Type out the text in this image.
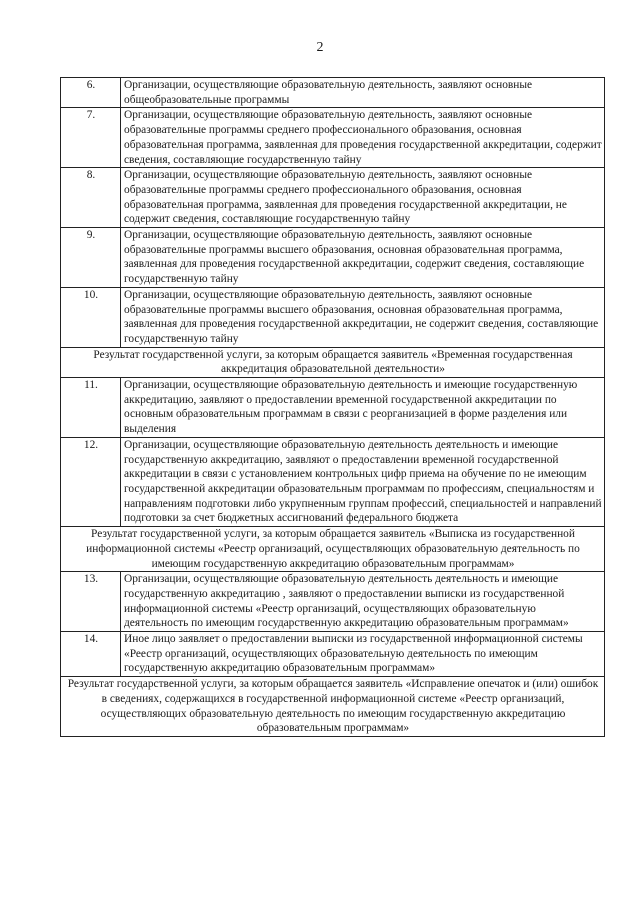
2
6.	Организации, осуществляющие образовательную деятельность, заявляют основные общеобразовательные программы
7.	Организации, осуществляющие образовательную деятельность, заявляют основные образовательные программы среднего профессионального образования, основная образовательная программа, заявленная для проведения государственной аккредитации, содержит сведения, составляющие государственную тайну
8.	Организации, осуществляющие образовательную деятельность, заявляют основные образовательные программы среднего профессионального образования, основная образовательная программа, заявленная для проведения государственной аккредитации, не содержит сведения, составляющие государственную тайну
9.	Организации, осуществляющие образовательную деятельность, заявляют основные образовательные программы высшего образования, основная образовательная программа, заявленная для проведения государственной аккредитации, содержит сведения, составляющие государственную тайну
10.	Организации, осуществляющие образовательную деятельность, заявляют основные образовательные программы высшего образования, основная образовательная программа, заявленная для проведения государственной аккредитации, не содержит сведения, составляющие государственную тайну
Результат государственной услуги, за которым обращается заявитель «Временная государственная аккредитация образовательной деятельности»	
11.	Организации, осуществляющие образовательную деятельность и имеющие государственную аккредитацию, заявляют о предоставлении временной государственной аккредитации по основным образовательным программам в связи с реорганизацией в форме разделения или выделения
12.	Организации, осуществляющие образовательную деятельность деятельность и имеющие государственную аккредитацию, заявляют о предоставлении временной государственной аккредитации в связи с установлением контрольных цифр приема на обучение по не имеющим государственной аккредитации образовательным программам по профессиям, специальностям и направлениям подготовки либо укрупненным группам профессий, специальностей и направлений подготовки за счет бюджетных ассигнований федерального бюджета
Результат государственной услуги, за которым обращается заявитель «Выписка из государственной информационной системы «Реестр организаций, осуществляющих образовательную деятельность по имеющим государственную аккредитацию образовательным программам»	
13.	Организации, осуществляющие образовательную деятельность деятельность и имеющие государственную аккредитацию , заявляют о предоставлении выписки из государственной информационной системы «Реестр организаций, осуществляющих образовательную деятельность по имеющим государственную аккредитацию образовательным программам»
14.	Иное лицо заявляет о предоставлении выписки из государственной информационной системы «Реестр организаций, осуществляющих образовательную деятельность по имеющим государственную аккредитацию образовательным программам»
Результат государственной услуги, за которым обращается заявитель «Исправление опечаток и (или) ошибок в сведениях, содержащихся в государственной информационной системе «Реестр организаций, осуществляющих образовательную деятельность по имеющим государственную аккредитацию образовательным программам»	
